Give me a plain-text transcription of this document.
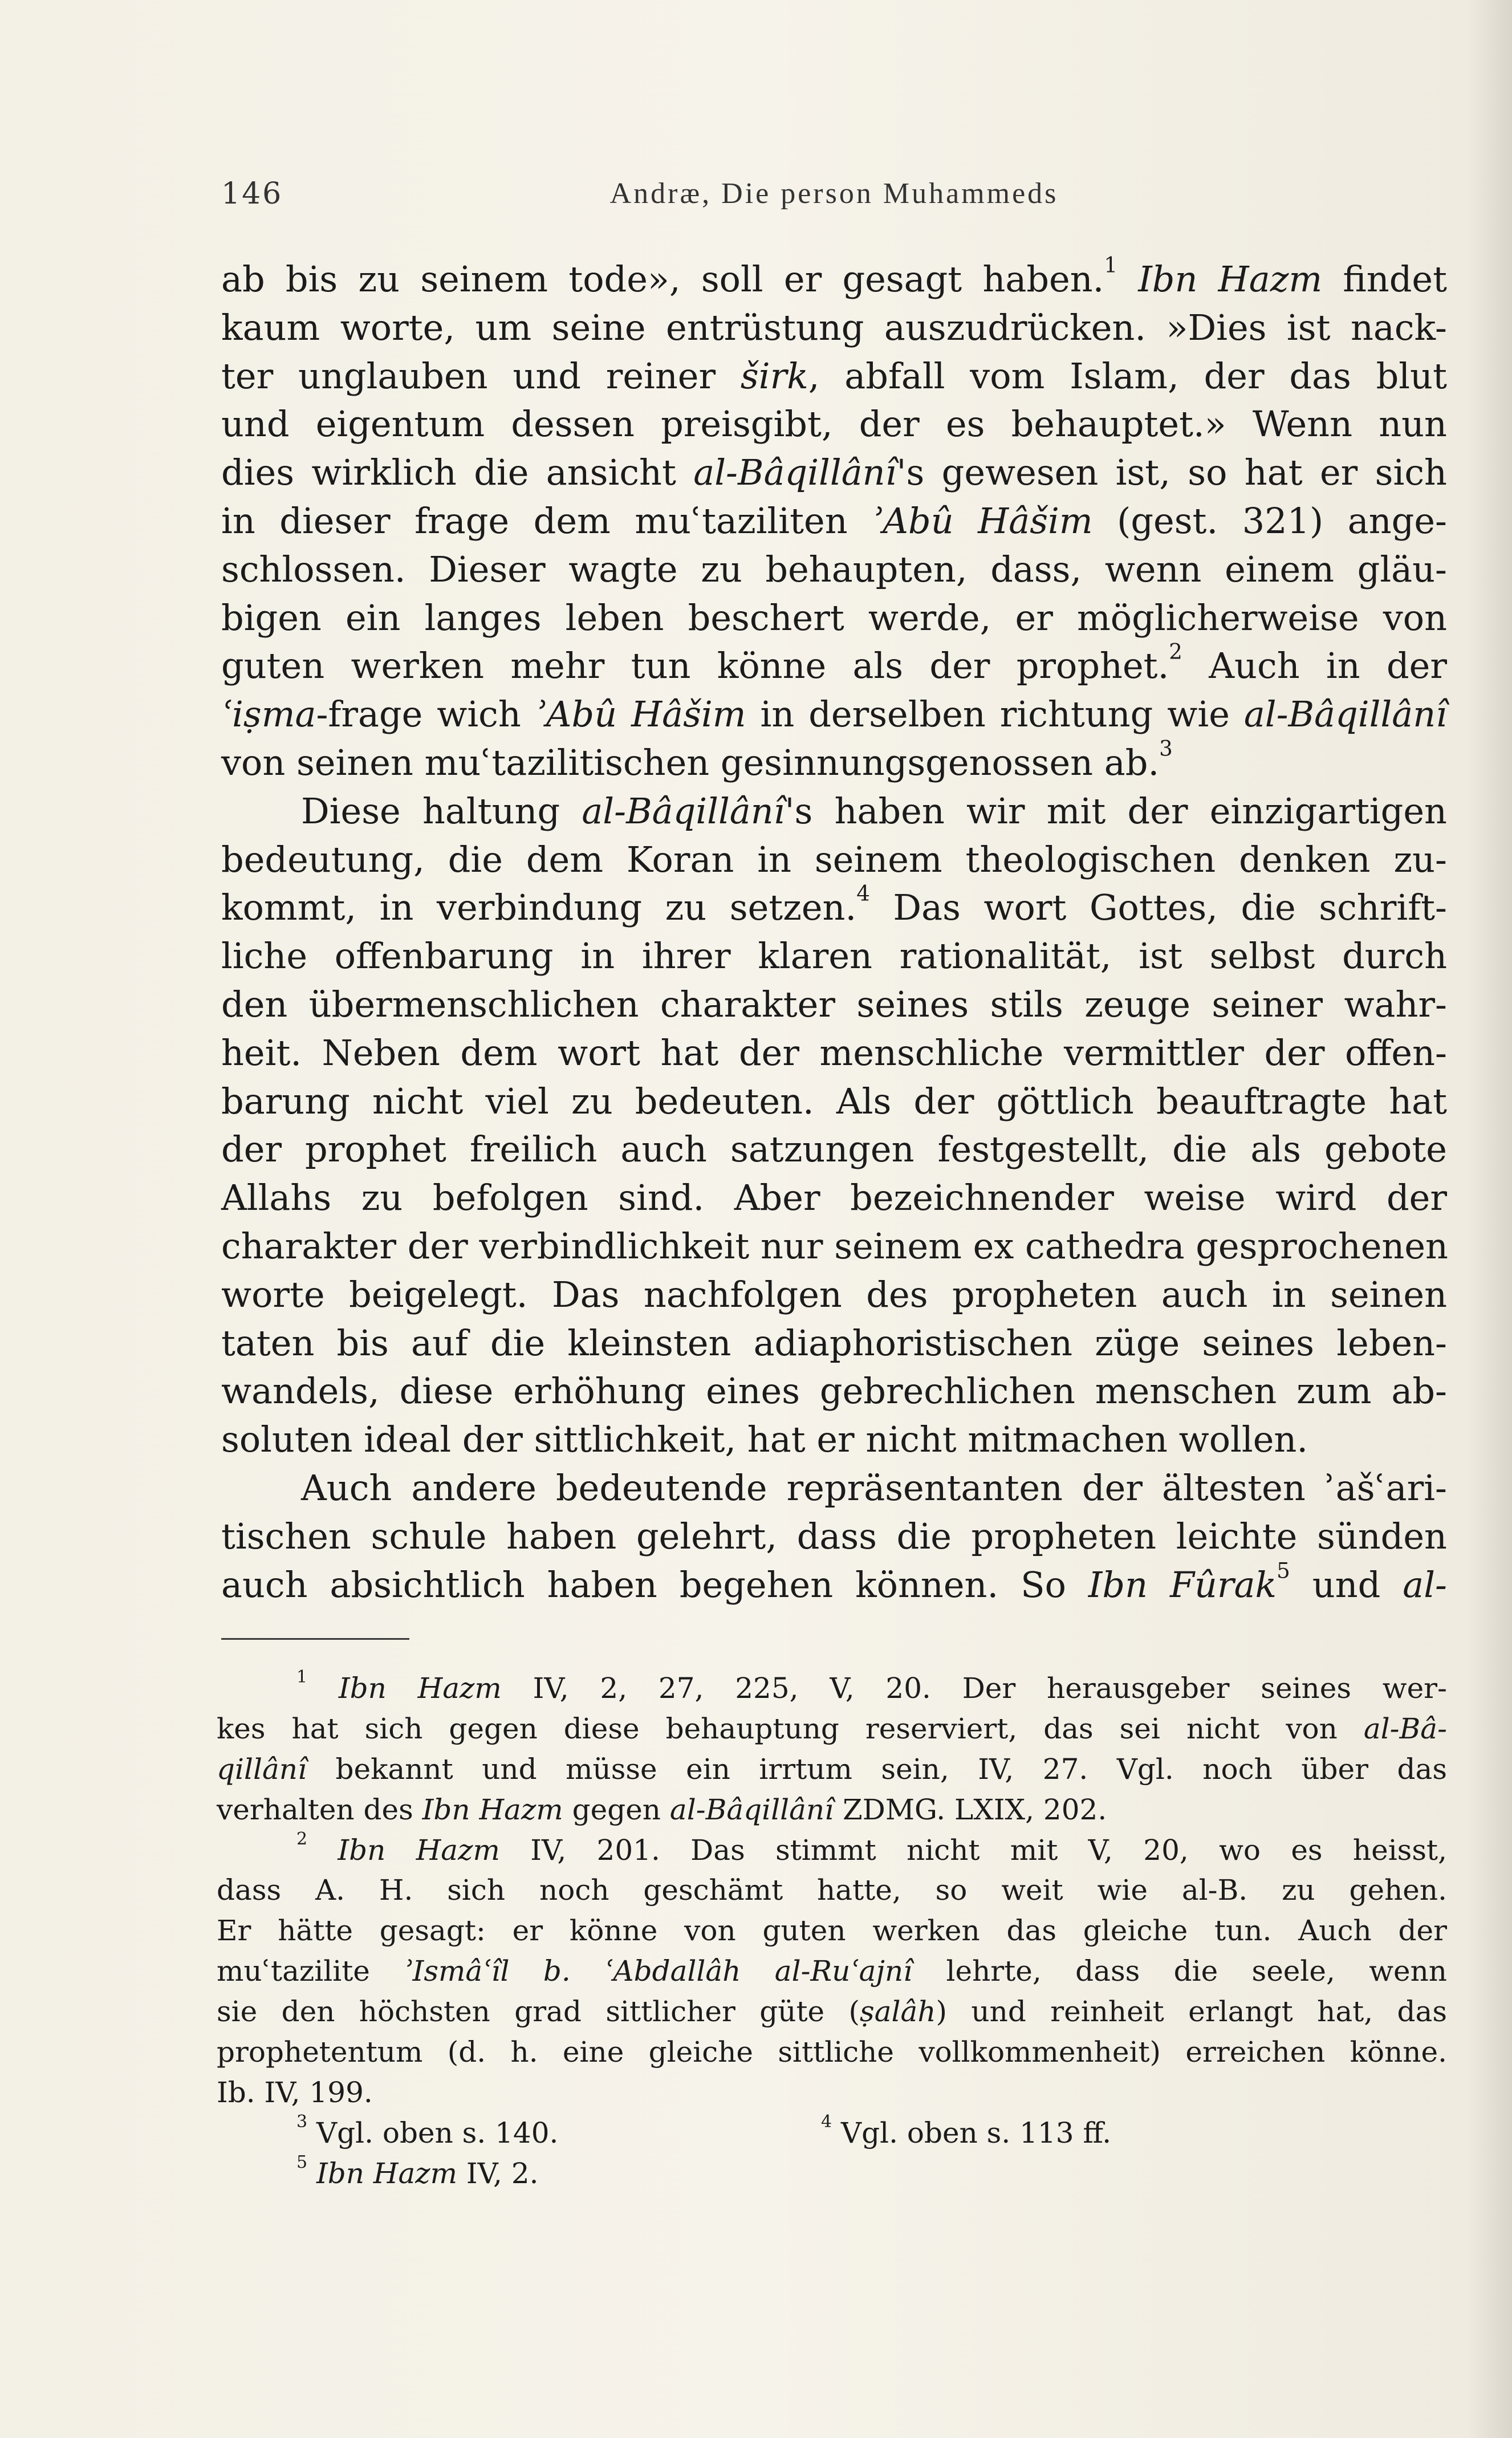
146	Andræ, Die person Muhammeds
ab bis zu seinem tode», soll er gesagt haben.$^1$ Ibn Hazm findet
kaum worte, um seine entrüstung auszudrücken. »Dies ist nack-
ter unglauben und reiner širk, abfall vom Islam, der das blut
und eigentum dessen preisgibt, der es behauptet.» Wenn nun
dies wirklich die ansicht al-Bâqillânî's gewesen ist, so hat er sich
in dieser frage dem muʿtaziliten ʾAbû Hâšim (gest. 321) ange-
schlossen. Dieser wagte zu behaupten, dass, wenn einem gläu-
bigen ein langes leben beschert werde, er möglicherweise von
guten werken mehr tun könne als der prophet.$^2$ Auch in der
ʿiṣma-frage wich ʾAbû Hâšim in derselben richtung wie al-Bâqillânî
von seinen muʿtazilitischen gesinnungsgenossen ab.$^3$
Diese haltung al-Bâqillânî's haben wir mit der einzigartigen
bedeutung, die dem Koran in seinem theologischen denken zu-
kommt, in verbindung zu setzen.$^4$ Das wort Gottes, die schrift-
liche offenbarung in ihrer klaren rationalität, ist selbst durch
den übermenschlichen charakter seines stils zeuge seiner wahr-
heit. Neben dem wort hat der menschliche vermittler der offen-
barung nicht viel zu bedeuten. Als der göttlich beauftragte hat
der prophet freilich auch satzungen festgestellt, die als gebote
Allahs zu befolgen sind. Aber bezeichnender weise wird der
charakter der verbindlichkeit nur seinem ex cathedra gesprochenen
worte beigelegt. Das nachfolgen des propheten auch in seinen
taten bis auf die kleinsten adiaphoristischen züge seines leben-
wandels, diese erhöhung eines gebrechlichen menschen zum ab-
soluten ideal der sittlichkeit, hat er nicht mitmachen wollen.
Auch andere bedeutende repräsentanten der ältesten ʾašʿari-
tischen schule haben gelehrt, dass die propheten leichte sünden
auch absichtlich haben begehen können. So Ibn Fûrak$^5$ und al-
$^1$ Ibn Hazm IV, 2, 27, 225, V, 20. Der herausgeber seines wer-
kes hat sich gegen diese behauptung reserviert, das sei nicht von al-Bâ-
qillânî bekannt und müsse ein irrtum sein, IV, 27. Vgl. noch über das
verhalten des Ibn Hazm gegen al-Bâqillânî ZDMG. LXIX, 202.
$^2$ Ibn Hazm IV, 201. Das stimmt nicht mit V, 20, wo es heisst,
dass A. H. sich noch geschämt hatte, so weit wie al-B. zu gehen.
Er hätte gesagt: er könne von guten werken das gleiche tun. Auch der
muʿtazilite ʾIsmâʿîl b. ʿAbdallâh al-Ruʿajnî lehrte, dass die seele, wenn
sie den höchsten grad sittlicher güte (ṣalâh) und reinheit erlangt hat, das
prophetentum (d. h. eine gleiche sittliche vollkommenheit) erreichen könne.
Ib. IV, 199.
$^3$ Vgl. oben s. 140.	$^4$ Vgl. oben s. 113 ff.
$^5$ Ibn Hazm IV, 2.
